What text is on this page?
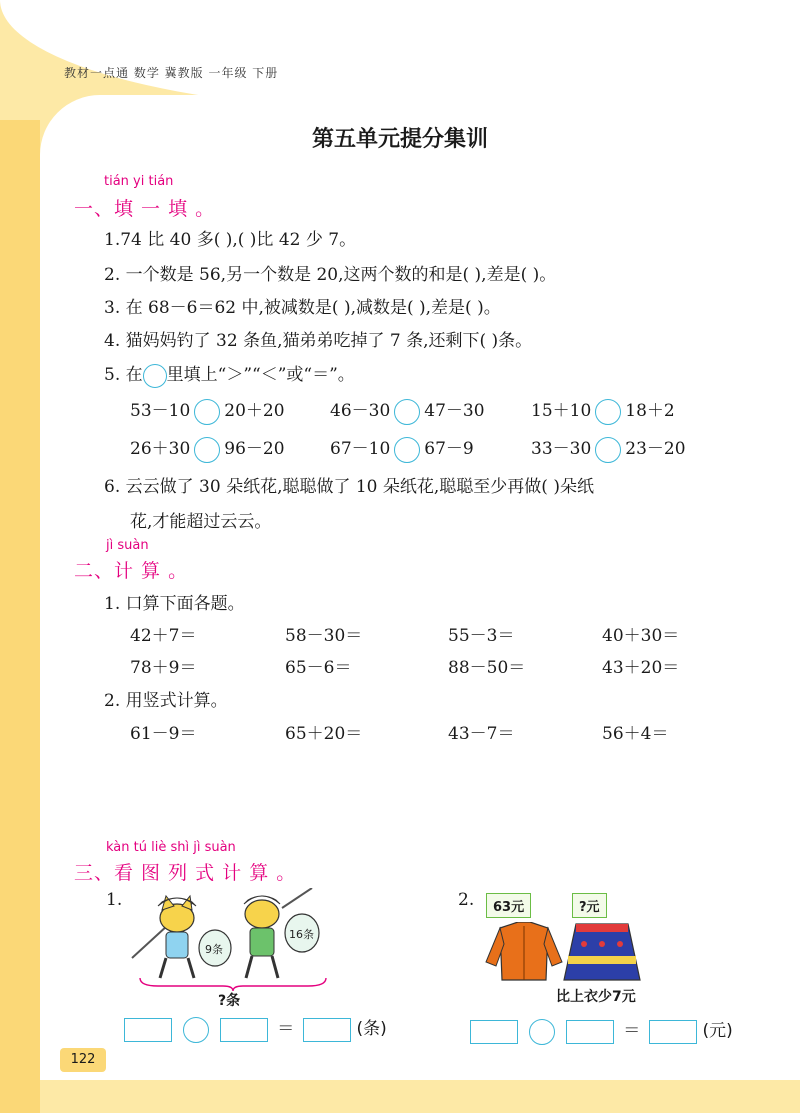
教材一点通 数学 冀教版 一年级 下册
第五单元提分集训
tián yi tián
一、填 一 填 。
1.74 比 40 多( ),( )比 42 少 7。
2. 一个数是 56,另一个数是 20,这两个数的和是( ),差是( )。
3. 在 68－6＝62 中,被减数是( ),减数是( ),差是( )。
4. 猫妈妈钓了 32 条鱼,猫弟弟吃掉了 7 条,还剩下( )条。
5. 在 里填上“＞”“＜”或“＝”。
53－10 20＋20	46－30 47－30	15＋10 18＋2
26＋30 96－20	67－10 67－9	33－30 23－20
6. 云云做了 30 朵纸花,聪聪做了 10 朵纸花,聪聪至少再做( )朵纸
花,才能超过云云。
jì suàn
二、计 算 。
1. 口算下面各题。
42＋7＝	58－30＝	55－3＝	40＋30＝
78＋9＝	65－6＝	88－50＝	43＋20＝
2. 用竖式计算。
61－9＝	65＋20＝	43－7＝	56＋4＝
kàn tú liè shì jì suàn
三、看 图 列 式 计 算 。
1.
9条
16条
?条
＝	(条)
2.	63元	?元
比上衣少7元
＝	(元)
122
